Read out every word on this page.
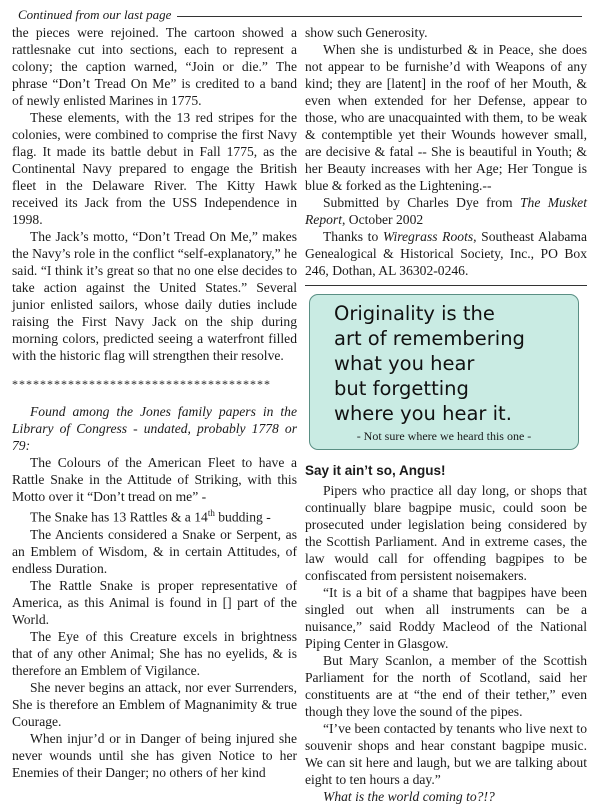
Continued from our last page

the pieces were rejoined. The cartoon showed a rattlesnake cut into sections, each to represent a colony; the caption warned, “Join or die.” The phrase “Don’t Tread On Me” is credited to a band of newly enlisted Marines in 1775.

These elements, with the 13 red stripes for the colonies, were combined to comprise the first Navy flag. It made its battle debut in Fall 1775, as the Continental Navy prepared to engage the British fleet in the Delaware River. The Kitty Hawk received its Jack from the USS Independence in 1998.

The Jack’s motto, “Don’t Tread On Me,” makes the Navy’s role in the conflict “self-explanatory,” he said. “I think it’s great so that no one else decides to take action against the United States.” Several junior enlisted sailors, whose daily duties include raising the First Navy Jack on the ship during morning colors, predicted seeing a waterfront filled with the historic flag will strengthen their resolve.

*************************************

Found among the Jones family papers in the Library of Congress - undated, probably 1778 or 79:

The Colours of the American Fleet to have a Rattle Snake in the Attitude of Striking, with this Motto over it “Don’t tread on me” -

The Snake has 13 Rattles & a 14th budding -

The Ancients considered a Snake or Serpent, as an Emblem of Wisdom, & in certain Attitudes, of endless Duration.

The Rattle Snake is proper representative of America, as this Animal is found in [] part of the World.

The Eye of this Creature excels in brightness that of any other Animal; She has no eyelids, & is therefore an Emblem of Vigilance.

She never begins an attack, nor ever Surrenders, She is therefore an Emblem of Magnanimity & true Courage.

When injur’d or in Danger of being injured she never wounds until she has given Notice to her Enemies of their Danger; no others of her kind

show such Generosity.

When she is undisturbed & in Peace, she does not appear to be furnishe’d with Weapons of any kind; they are [latent] in the roof of her Mouth, & even when extended for her Defense, appear to those, who are unacquainted with them, to be weak & contemptible yet their Wounds however small, are decisive & fatal -- She is beautiful in Youth; & her Beauty increases with her Age; Her Tongue is blue & forked as the Lightening.--

Submitted by Charles Dye from The Musket Report, October 2002

Thanks to Wiregrass Roots, Southeast Alabama Genealogical & Historical Society, Inc., PO Box 246, Dothan, AL 36302-0246.

Originality is the
art of remembering
what you hear
but forgetting
where you hear it.
- Not sure where we heard this one -

Say it ain’t so, Angus!

Pipers who practice all day long, or shops that continually blare bagpipe music, could soon be prosecuted under legislation being considered by the Scottish Parliament. And in extreme cases, the law would call for offending bagpipes to be confiscated from persistent noisemakers.

“It is a bit of a shame that bagpipes have been singled out when all instruments can be a nuisance,” said Roddy Macleod of the National Piping Center in Glasgow.

But Mary Scanlon, a member of the Scottish Parliament for the north of Scotland, said her constituents are at “the end of their tether,” even though they love the sound of the pipes.

“I’ve been contacted by tenants who live next to souvenir shops and hear constant bagpipe music. We can sit here and laugh, but we are talking about eight to ten hours a day.”

What is the world coming to?!?
